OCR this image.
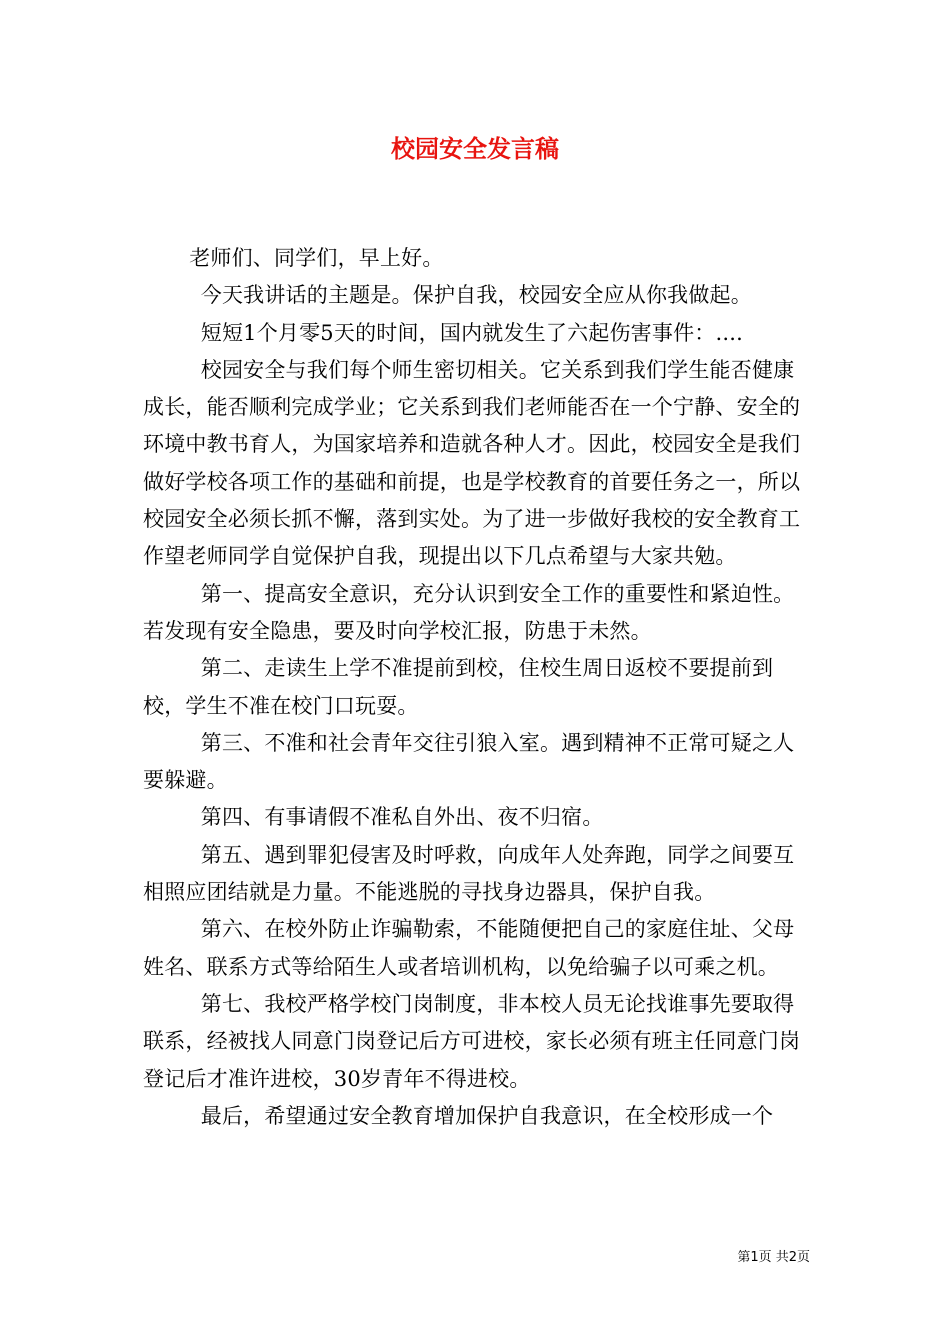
校园安全发言稿

老师们、同学们，早上好。

今天我讲话的主题是。保护自我，校园安全应从你我做起。

短短1个月零5天的时间，国内就发生了六起伤害事件：....

校园安全与我们每个师生密切相关。它关系到我们学生能否健康成长，能否顺利完成学业；它关系到我们老师能否在一个宁静、安全的环境中教书育人，为国家培养和造就各种人才。因此，校园安全是我们做好学校各项工作的基础和前提，也是学校教育的首要任务之一，所以校园安全必须长抓不懈，落到实处。为了进一步做好我校的安全教育工作望老师同学自觉保护自我，现提出以下几点希望与大家共勉。

第一、提高安全意识，充分认识到安全工作的重要性和紧迫性。若发现有安全隐患，要及时向学校汇报，防患于未然。

第二、走读生上学不准提前到校，住校生周日返校不要提前到校，学生不准在校门口玩耍。

第三、不准和社会青年交往引狼入室。遇到精神不正常可疑之人要躲避。

第四、有事请假不准私自外出、夜不归宿。

第五、遇到罪犯侵害及时呼救，向成年人处奔跑，同学之间要互相照应团结就是力量。不能逃脱的寻找身边器具，保护自我。

第六、在校外防止诈骗勒索，不能随便把自己的家庭住址、父母姓名、联系方式等给陌生人或者培训机构，以免给骗子以可乘之机。

第七、我校严格学校门岗制度，非本校人员无论找谁事先要取得联系，经被找人同意门岗登记后方可进校，家长必须有班主任同意门岗登记后才准许进校，30岁青年不得进校。

最后，希望通过安全教育增加保护自我意识，在全校形成一个

第1页 共2页
